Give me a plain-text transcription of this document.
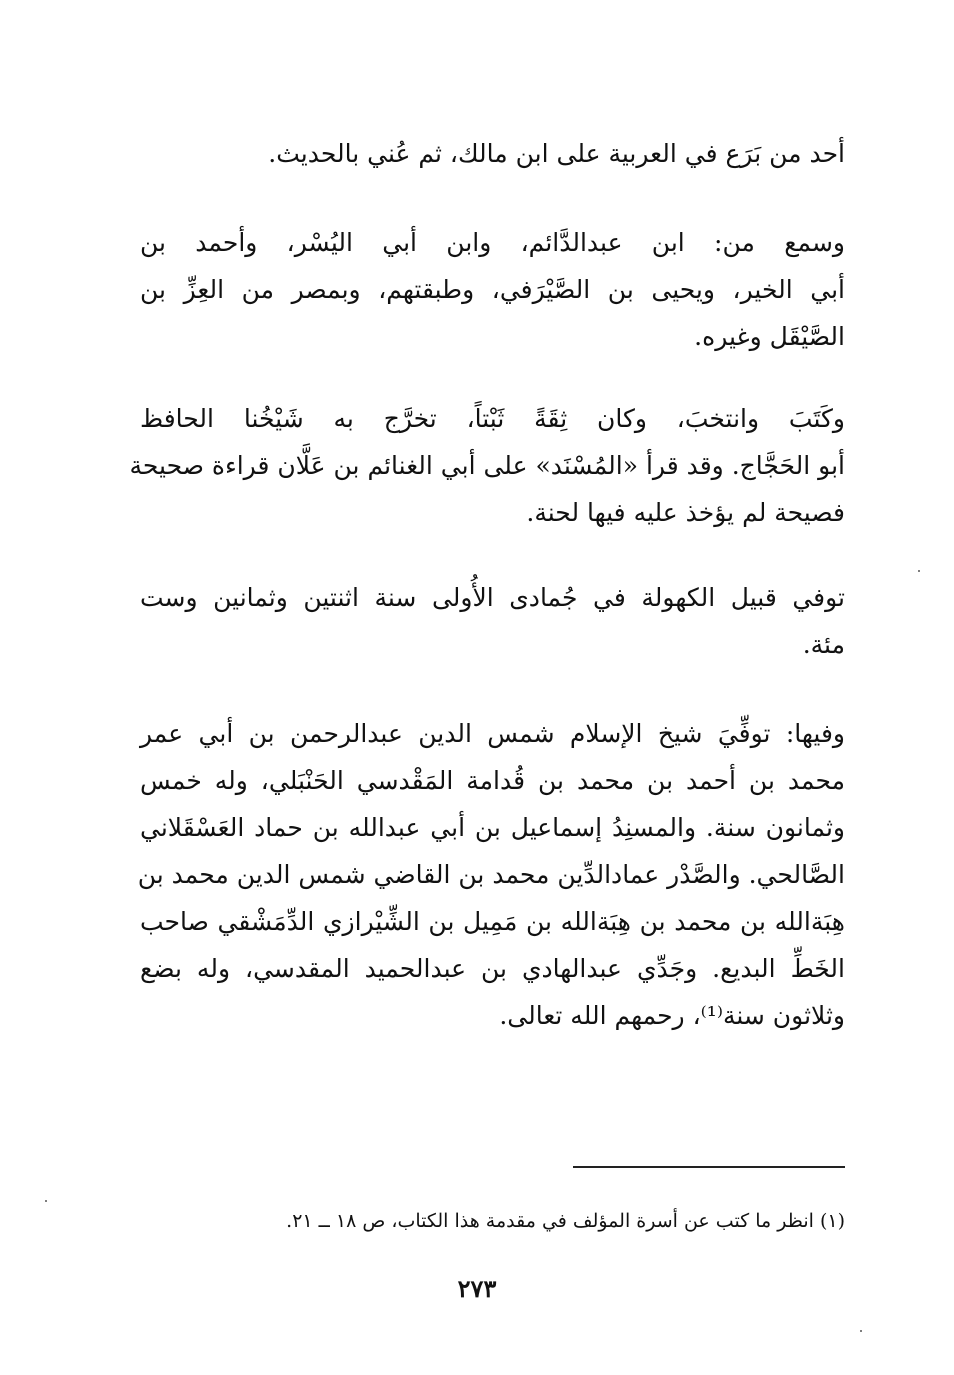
أحد من بَرَع في العربية على ابن مالك، ثم عُني بالحديث.
وسمع من: ابن عبدالدَّائم، وابن أبي اليُسْر، وأحمد بن
أبي الخير، ويحيى بن الصَّيْرَفي، وطبقتهم، وبمصر من العِزِّ بن
الصَّيْقَل وغيره.
وكَتَبَ وانتخبَ، وكان ثِقَةً ثَبْتاً، تخرَّج به شَيْخُنا الحافظ
أبو الحَجَّاج. وقد قرأ «المُسْنَد» على أبي الغنائم بن عَلَّان قراءة صحيحة
فصيحة لم يؤخذ عليه فيها لحنة.
توفي قبيل الكهولة في جُمادى الأُولى سنة اثنتين وثمانين وست
مئة.
وفيها: توفِّيَ شيخ الإسلام شمس الدين عبدالرحمن بن أبي عمر
محمد بن أحمد بن محمد بن قُدامة المَقْدسي الحَنْبَلي، وله خمس
وثمانون سنة. والمسنِدُ إسماعيل بن أبي عبدالله بن حماد العَسْقَلاني
الصَّالحي. والصَّدْر عمادالدِّين محمد بن القاضي شمس الدين محمد بن
هِبَةالله بن محمد بن هِبَةالله بن مَمِيل بن الشِّيْرازي الدِّمَشْقي صاحب
الخَطِّ البديع. وجَدِّي عبدالهادي بن عبدالحميد المقدسي، وله بضع
وثلاثون سنة⁽¹⁾، رحمهم الله تعالى.

(١) انظر ما كتب عن أسرة المؤلف في مقدمة هذا الكتاب، ص ١٨ ــ ٢١.

٢٧٣
